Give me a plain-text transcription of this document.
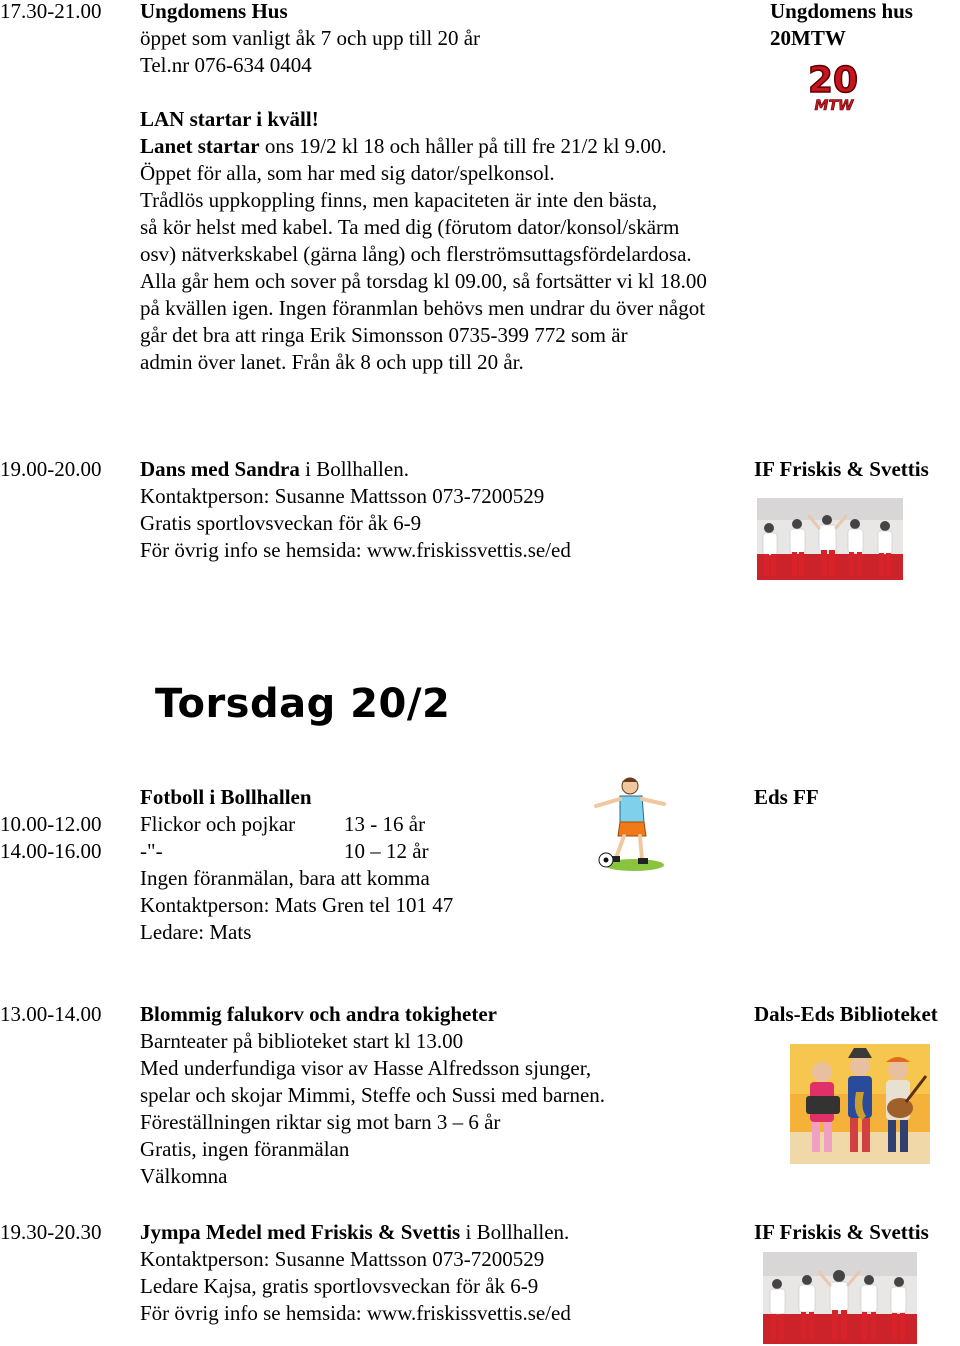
17.30-21.00 Ungdomens Hus
öppet som vanligt åk 7 och upp till 20 år
Tel.nr 076-634 0404
Ungdomens hus
20MTW
20
MTW
LAN startar i kväll!
Lanet startar ons 19/2 kl 18 och håller på till fre 21/2 kl 9.00.
Öppet för alla, som har med sig dator/spelkonsol.
Trådlös uppkoppling finns, men kapaciteten är inte den bästa,
så kör helst med kabel. Ta med dig (förutom dator/konsol/skärm
osv) nätverkskabel (gärna lång) och flerströmsuttagsfördelardosa.
Alla går hem och sover på torsdag kl 09.00, så fortsätter vi kl 18.00
på kvällen igen. Ingen föranmlan behövs men undrar du över något
går det bra att ringa Erik Simonsson 0735-399 772 som är
admin över lanet. Från åk 8 och upp till 20 år.
19.00-20.00 Dans med Sandra i Bollhallen.
Kontaktperson: Susanne Mattsson 073-7200529
Gratis sportlovsveckan för åk 6-9
För övrig info se hemsida: www.friskissvettis.se/ed
IF Friskis & Svettis
Torsdag 20/2
Fotboll i Bollhallen	Eds FF
10.00-12.00 Flickor och pojkar 13 - 16 år
14.00-16.00 -"-	10 – 12 år
Ingen föranmälan, bara att komma
Kontaktperson: Mats Gren tel 101 47
Ledare: Mats
13.00-14.00 Blommig falukorv och andra tokigheter
Barnteater på biblioteket start kl 13.00
Med underfundiga visor av Hasse Alfredsson sjunger,
spelar och skojar Mimmi, Steffe och Sussi med barnen.
Föreställningen riktar sig mot barn 3 – 6 år
Gratis, ingen föranmälan
Välkomna
Dals-Eds Biblioteket
19.30-20.30 Jympa Medel med Friskis & Svettis i Bollhallen.
Kontaktperson: Susanne Mattsson 073-7200529
Ledare Kajsa, gratis sportlovsveckan för åk 6-9
För övrig info se hemsida: www.friskissvettis.se/ed
IF Friskis & Svettis
